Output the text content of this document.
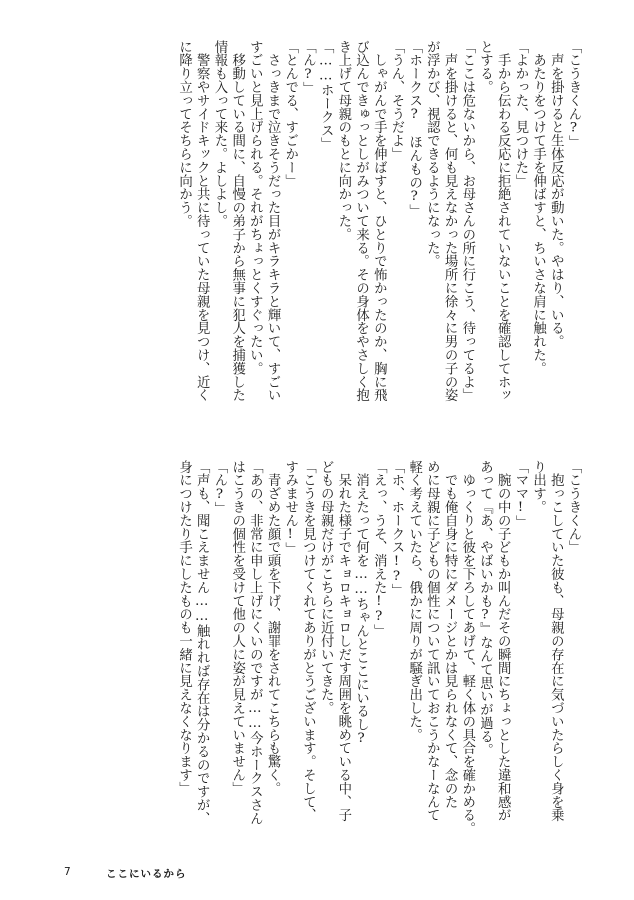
「こうきくん?」
　声を掛けると生体反応が動いた。やはり、いる。
　あたりをつけて手を伸ばすと、ちいさな肩に触れた。
「よかった、見つけた」
　手から伝わる反応に拒絶されていないことを確認してホッ
とする。
「ここは危ないから、お母さんの所に行こう、待ってるよ」
　声を掛けると、何も見えなかった場所に徐々に男の子の姿
が浮かび、視認できるようになった。
「ホークス?　ほんもの?」
「うん、そうだよ」
　しゃがんで手を伸ばすと、ひとりで怖かったのか、胸に飛
び込んできゅっとしがみついて来る。その身体をやさしく抱
き上げて母親のもとに向かった。
「……ホークス」
「ん?」
「とんでる、すごかー」
　さっきまで泣きそうだった目がキラキラと輝いて、すごい
すごいと見上げられる。それがちょっとくすぐったい。
　移動している間に、自慢の弟子から無事に犯人を捕獲した
情報も入って来た。よしよし。
　警察やサイドキックと共に待っていた母親を見つけ、近く
に降り立ってそちらに向かう。
「こうきくん」
　抱っこしていた彼も、母親の存在に気づいたらしく身を乗
り出す。
「ママ!」
　腕の中の子どもか叫んだその瞬間にちょっとした違和感が
あって『あ、やばいかも?』なんて思いが過る。
　ゆっくりと彼を下ろしてあげて、軽く体の具合を確かめる。
　でも俺自身に特にダメージとかは見られなくて、念のた
めに母親に子どもの個性について訊いておこうかなーなんて
軽く考えていたら、俄かに周りが騒ぎ出した。
「ホ、ホークス!?」
「えっ、うそ、消えた!?」
　消えたって何を……ちゃんとここにいるし?
　呆れた様子でキョロキョロしだす周囲を眺めている中、子
どもの母親だけがこちらに近付いてきた。
「こうきを見つけてくれてありがとうございます。そして、
すみません!」
　青ざめた顔で頭を下げ、謝罪をされてこちらも驚く。
「あの、非常に申し上げにくいのですが……今ホークスさん
はこうきの個性を受けて他の人に姿が見えていません」
「ん?」
「声も、聞こえません……触れれば存在は分かるのですが、
身につけたり手にしたものも一緒に見えなくなります」
7	ここにいるから
